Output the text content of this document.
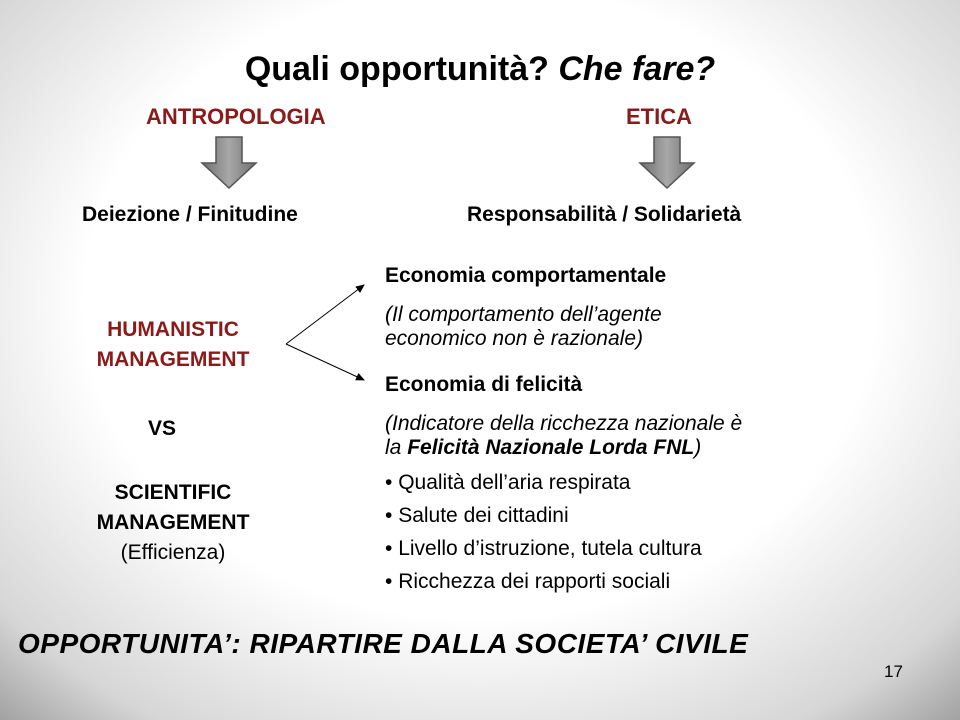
Quali opportunità? Che fare?
ANTROPOLOGIA	ETICA
Deiezione / Finitudine	Responsabilità / Solidarietà
HUMANISTIC
MANAGEMENT
VS
SCIENTIFIC
MANAGEMENT
(Efficienza)
Economia comportamentale
(Il comportamento dell’agente
economico non è razionale)
Economia di felicità
(Indicatore della ricchezza nazionale è
la Felicità Nazionale Lorda FNL)
• Qualità dell’aria respirata
• Salute dei cittadini
• Livello d’istruzione, tutela cultura
• Ricchezza dei rapporti sociali
OPPORTUNITA’: RIPARTIRE DALLA SOCIETA’ CIVILE
17
